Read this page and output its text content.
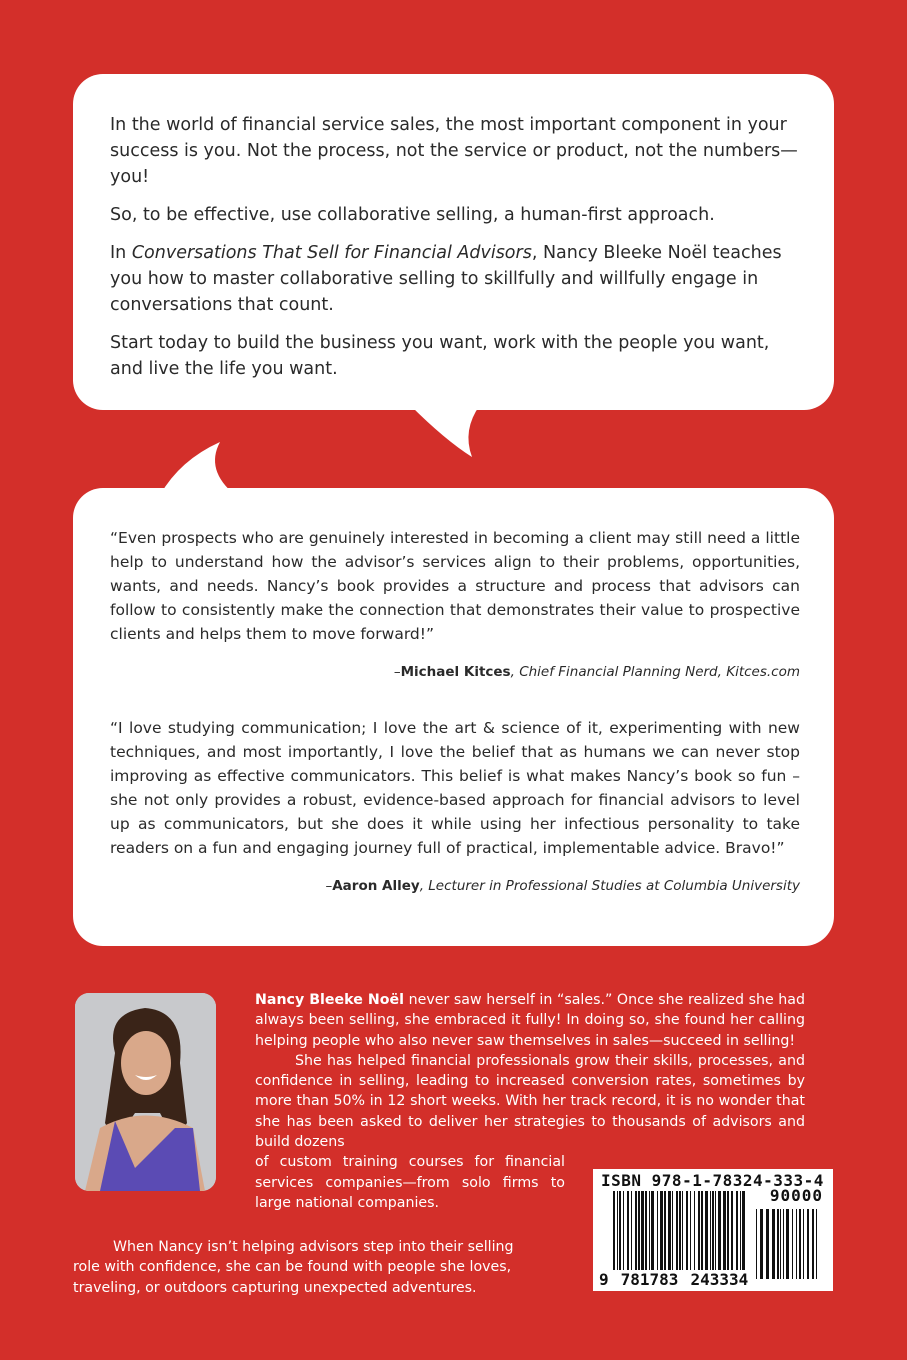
In the world of financial service sales, the most important component in your success is you. Not the process, not the service or product, not the numbers—you!

So, to be effective, use collaborative selling, a human-first approach.

In Conversations That Sell for Financial Advisors, Nancy Bleeke Noël teaches you how to master collaborative selling to skillfully and willfully engage in conversations that count.

Start today to build the business you want, work with the people you want, and live the life you want.

“Even prospects who are genuinely interested in becoming a client may still need a little help to understand how the advisor’s services align to their problems, opportunities, wants, and needs. Nancy’s book provides a structure and process that advisors can follow to consistently make the connection that demonstrates their value to prospective clients and helps them to move forward!”

–Michael Kitces, Chief Financial Planning Nerd, Kitces.com

“I love studying communication; I love the art & science of it, experimenting with new techniques, and most importantly, I love the belief that as humans we can never stop improving as effective communicators. This belief is what makes Nancy’s book so fun – she not only provides a robust, evidence-based approach for financial advisors to level up as communicators, but she does it while using her infectious personality to take readers on a fun and engaging journey full of practical, implementable advice. Bravo!”

–Aaron Alley, Lecturer in Professional Studies at Columbia University

Nancy Bleeke Noël never saw herself in “sales.” Once she realized she had always been selling, she embraced it fully! In doing so, she found her calling helping people who also never saw themselves in sales—succeed in selling!

She has helped financial professionals grow their skills, processes, and confidence in selling, leading to increased conversion rates, sometimes by more than 50% in 12 short weeks. With her track record, it is no wonder that she has been asked to deliver her strategies to thousands of advisors and build dozens

of custom training courses for financial services companies—from solo firms to large national companies.

When Nancy isn’t helping advisors step into their selling role with confidence, she can be found with people she loves, traveling, or outdoors capturing unexpected adventures.

ISBN 978-1-78324-333-4
90000
9 781783 243334
